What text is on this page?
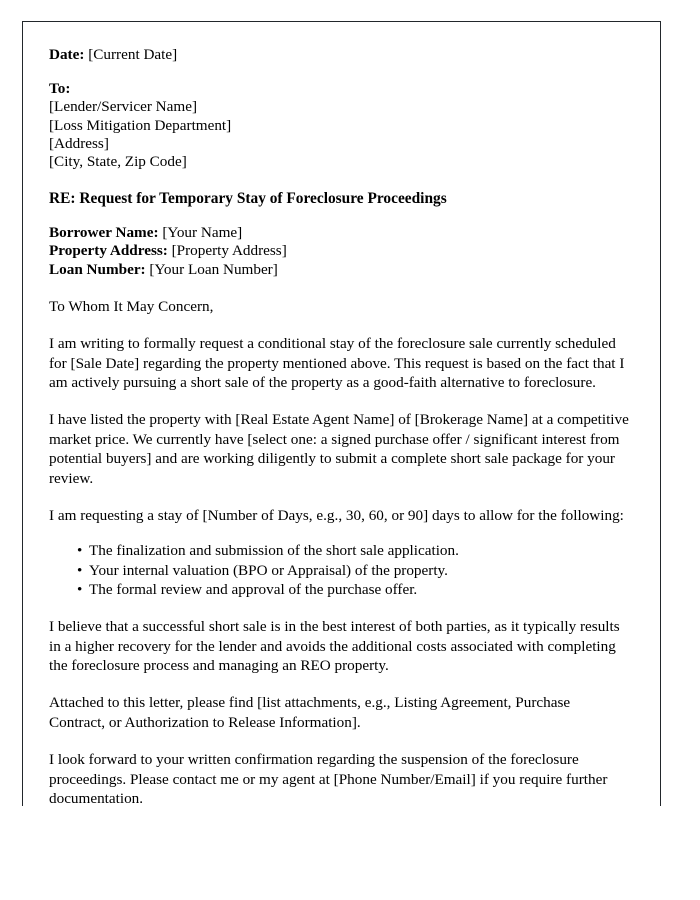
Date: [Current Date]
To:
[Lender/Servicer Name]
[Loss Mitigation Department]
[Address]
[City, State, Zip Code]
RE: Request for Temporary Stay of Foreclosure Proceedings
Borrower Name: [Your Name]
Property Address: [Property Address]
Loan Number: [Your Loan Number]
To Whom It May Concern,

I am writing to formally request a conditional stay of the foreclosure sale currently scheduled for [Sale Date] regarding the property mentioned above. This request is based on the fact that I am actively pursuing a short sale of the property as a good-faith alternative to foreclosure.

I have listed the property with [Real Estate Agent Name] of [Brokerage Name] at a competitive market price. We currently have [select one: a signed purchase offer / significant interest from potential buyers] and are working diligently to submit a complete short sale package for your review.

I am requesting a stay of [Number of Days, e.g., 30, 60, or 90] days to allow for the following:

• The finalization and submission of the short sale application.
• Your internal valuation (BPO or Appraisal) of the property.
• The formal review and approval of the purchase offer.

I believe that a successful short sale is in the best interest of both parties, as it typically results in a higher recovery for the lender and avoids the additional costs associated with completing the foreclosure process and managing an REO property.

Attached to this letter, please find [list attachments, e.g., Listing Agreement, Purchase Contract, or Authorization to Release Information].

I look forward to your written confirmation regarding the suspension of the foreclosure proceedings. Please contact me or my agent at [Phone Number/Email] if you require further documentation.
